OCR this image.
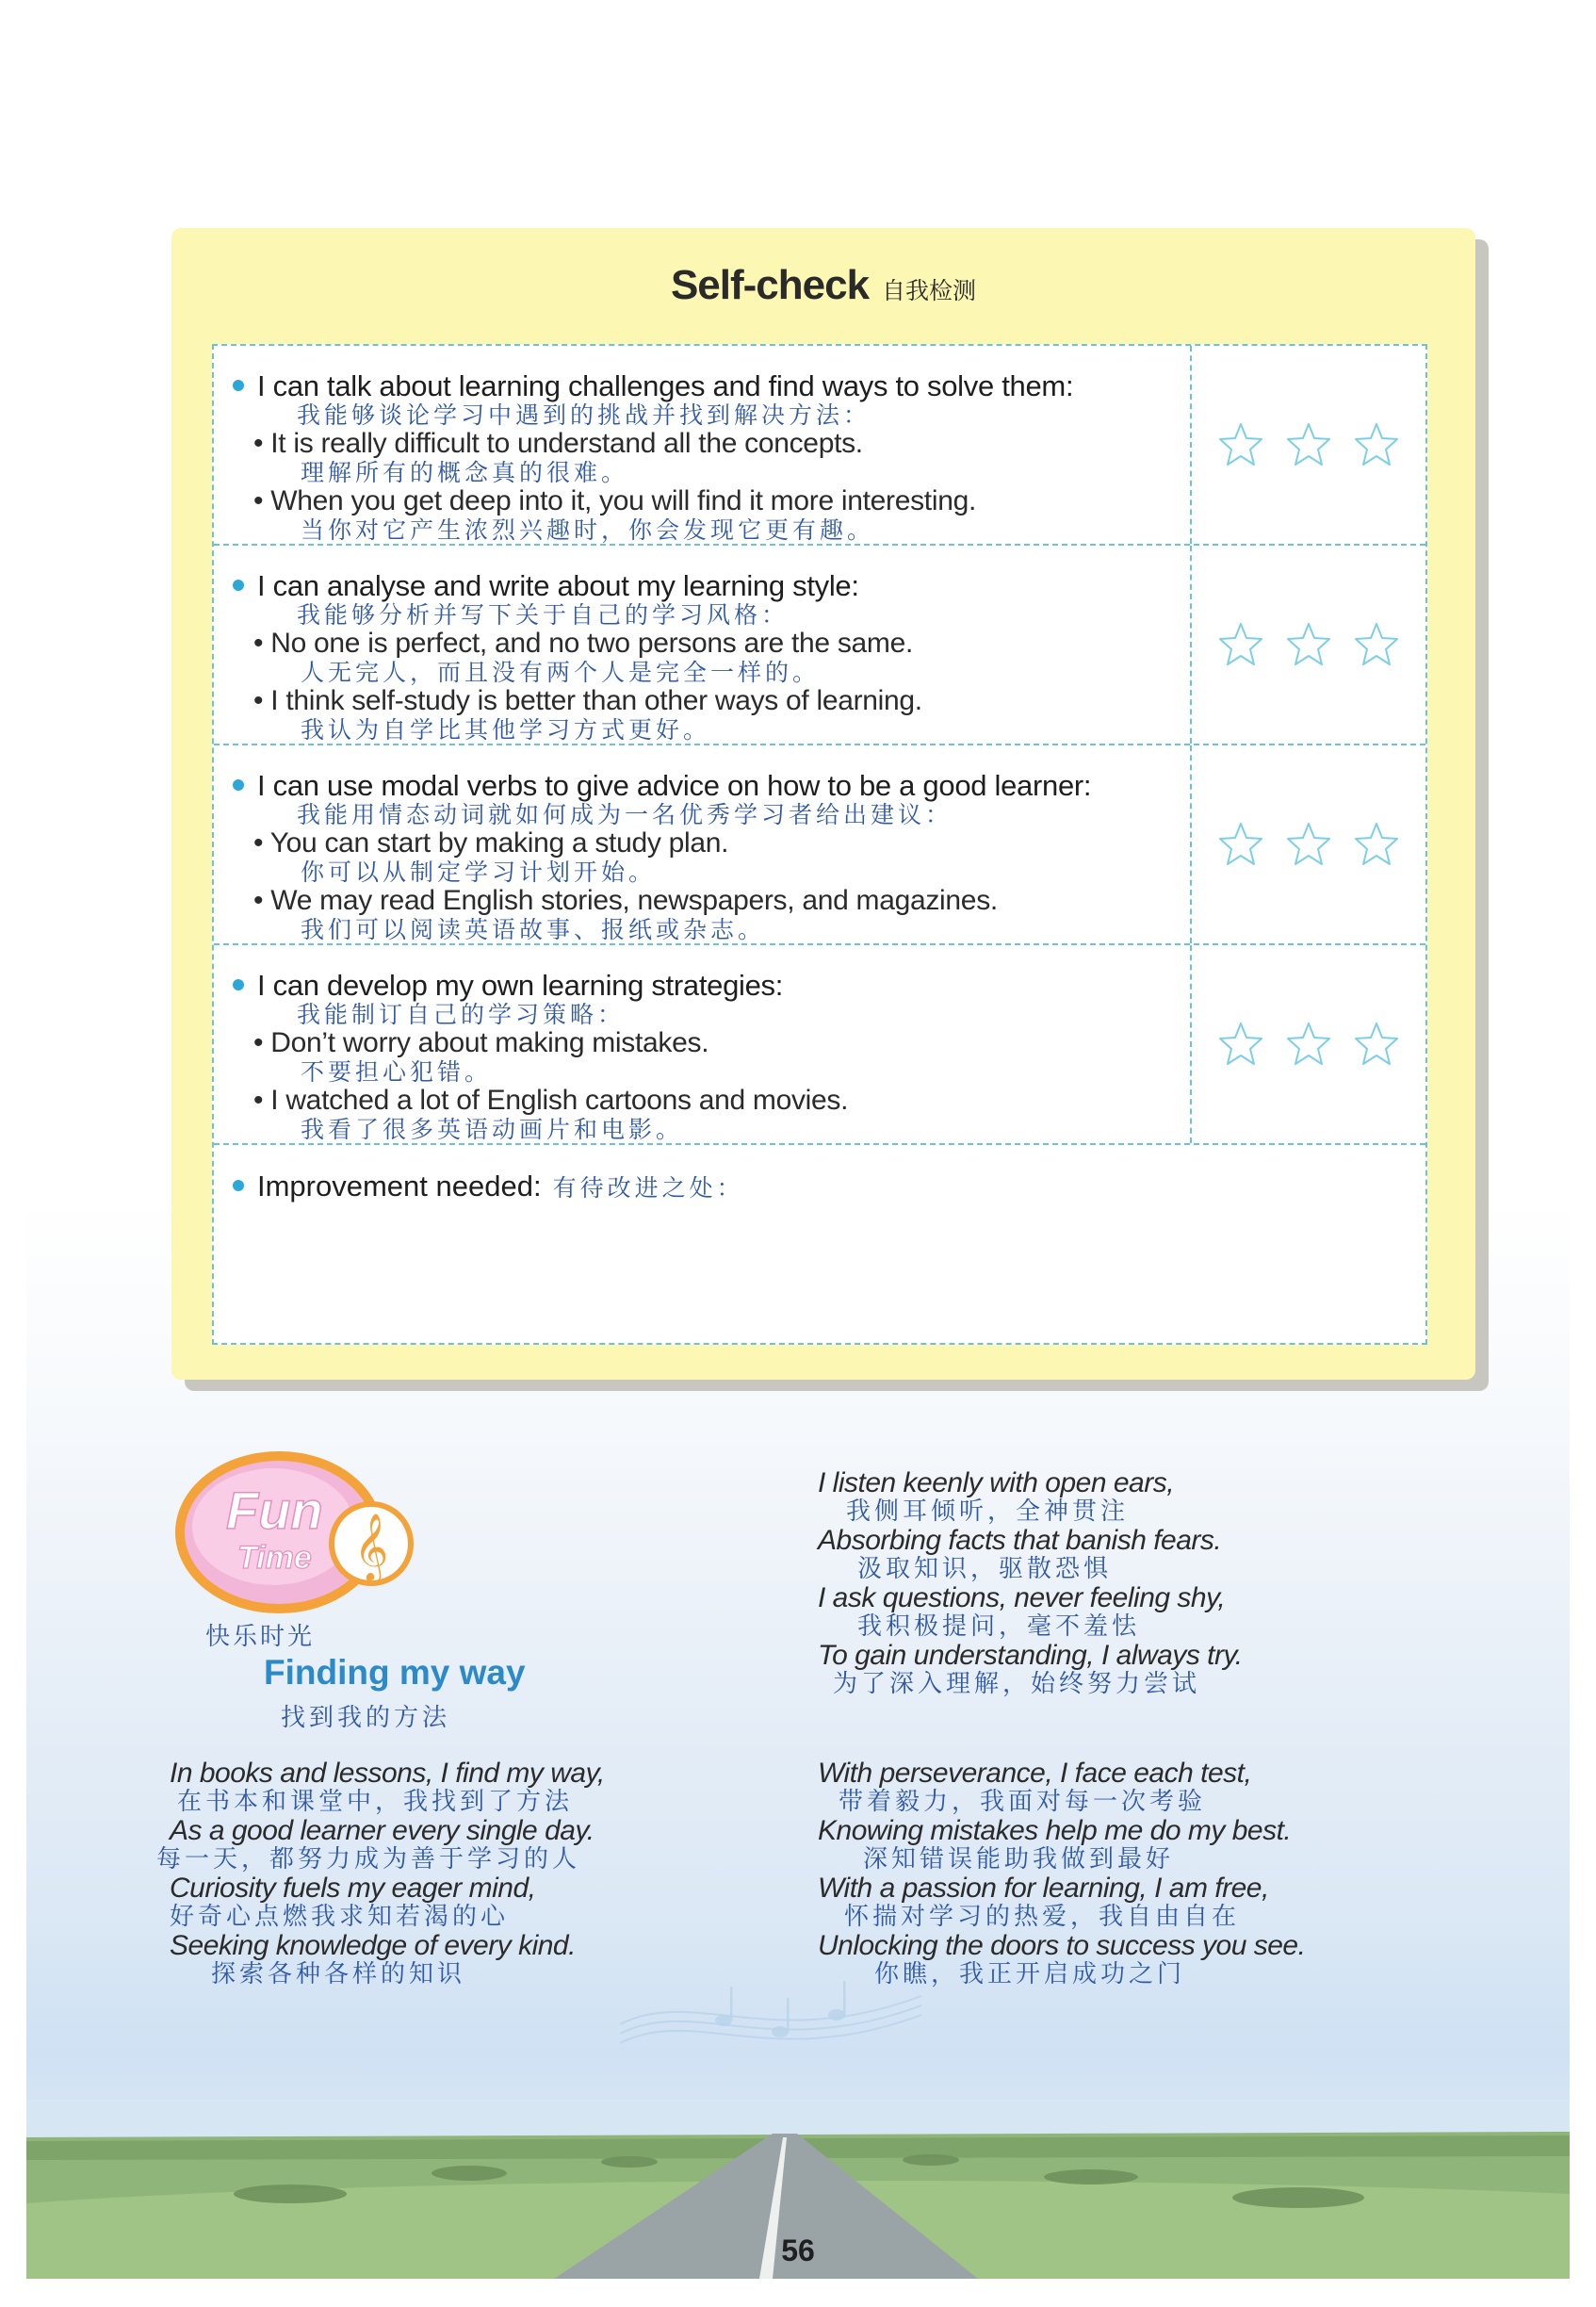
Self-check 自我检测
I can talk about learning challenges and find ways to solve them:
我能够谈论学习中遇到的挑战并找到解决方法：
• It is really difficult to understand all the concepts.
理解所有的概念真的很难。
• When you get deep into it, you will find it more interesting.
当你对它产生浓烈兴趣时，你会发现它更有趣。
I can analyse and write about my learning style:
我能够分析并写下关于自己的学习风格：
• No one is perfect, and no two persons are the same.
人无完人，而且没有两个人是完全一样的。
• I think self-study is better than other ways of learning.
我认为自学比其他学习方式更好。
I can use modal verbs to give advice on how to be a good learner:
我能用情态动词就如何成为一名优秀学习者给出建议：
• You can start by making a study plan.
你可以从制定学习计划开始。
• We may read English stories, newspapers, and magazines.
我们可以阅读英语故事、报纸或杂志。
I can develop my own learning strategies:
我能制订自己的学习策略：
• Don’t worry about making mistakes.
不要担心犯错。
• I watched a lot of English cartoons and movies.
我看了很多英语动画片和电影。
Improvement needed: 有待改进之处：
Fun
Time 𝄞
快乐时光
Finding my way
找到我的方法
In books and lessons, I find my way,
在书本和课堂中，我找到了方法
As a good learner every single day.
每一天，都努力成为善于学习的人
Curiosity fuels my eager mind,
好奇心点燃我求知若渴的心
Seeking knowledge of every kind.
探索各种各样的知识
I listen keenly with open ears,
我侧耳倾听，全神贯注
Absorbing facts that banish fears.
汲取知识，驱散恐惧
I ask questions, never feeling shy,
我积极提问，毫不羞怯
To gain understanding, I always try.
为了深入理解，始终努力尝试
With perseverance, I face each test,
带着毅力，我面对每一次考验
Knowing mistakes help me do my best.
深知错误能助我做到最好
With a passion for learning, I am free,
怀揣对学习的热爱，我自由自在
Unlocking the doors to success you see.
你瞧，我正开启成功之门
56
